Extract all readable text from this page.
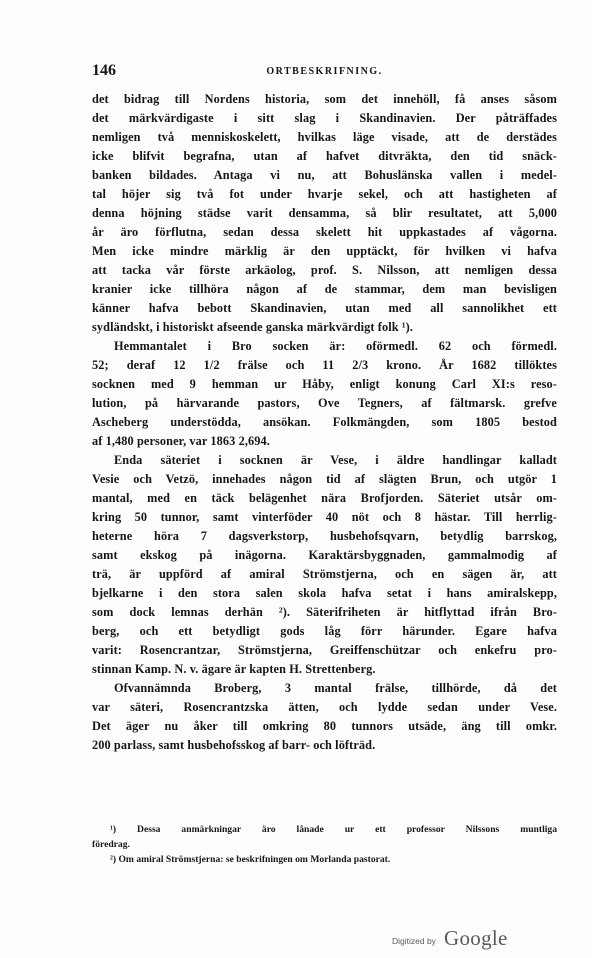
146	ORTBESKRIFNING.
det bidrag till Nordens historia, som det innehöll, få anses såsom
det märkvärdigaste i sitt slag i Skandinavien. Der påträffades
nemligen två menniskoskelett, hvilkas läge visade, att de derstädes
icke blifvit begrafna, utan af hafvet ditvräkta, den tid snäck-
banken bildades. Antaga vi nu, att Bohuslänska vallen i medel-
tal höjer sig två fot under hvarje sekel, och att hastigheten af
denna höjning städse varit densamma, så blir resultatet, att 5,000
år äro förflutna, sedan dessa skelett hit uppkastades af vågorna.
Men icke mindre märklig är den upptäckt, för hvilken vi hafva
att tacka vår förste arkäolog, prof. S. Nilsson, att nemligen dessa
kranier icke tillhöra någon af de stammar, dem man bevisligen
känner hafva bebott Skandinavien, utan med all sannolikhet ett
sydländskt, i historiskt afseende ganska märkvärdigt folk ¹).
Hemmantalet i Bro socken är: oförmedl. 62 och förmedl.
52; deraf 12 1/2 frälse och 11 2/3 krono. År 1682 tillöktes
socknen med 9 hemman ur Håby, enligt konung Carl XI:s reso-
lution, på härvarande pastors, Ove Tegners, af fältmarsk. grefve
Ascheberg understödda, ansökan. Folkmängden, som 1805 bestod
af 1,480 personer, var 1863 2,694.
Enda säteriet i socknen är Vese, i äldre handlingar kalladt
Vesie och Vetzö, innehades någon tid af slägten Brun, och utgör 1
mantal, med en täck belägenhet nära Brofjorden. Säteriet utsår om-
kring 50 tunnor, samt vinterföder 40 nöt och 8 hästar. Till herrlig-
heterne höra 7 dagsverkstorp, husbehofsqvarn, betydlig barrskog,
samt ekskog på inägorna. Karaktärsbyggnaden, gammalmodig af
trä, är uppförd af amiral Strömstjerna, och en sägen är, att
bjelkarne i den stora salen skola hafva setat i hans amiralskepp,
som dock lemnas derhän ²). Säterifriheten är hitflyttad ifrån Bro-
berg, och ett betydligt gods låg förr härunder. Egare hafva
varit: Rosencrantzar, Strömstjerna, Greiffenschützar och enkefru pro-
stinnan Kamp. N. v. ägare är kapten H. Strettenberg.
Ofvannämnda Broberg, 3 mantal frälse, tillhörde, då det
var säteri, Rosencrantzska ätten, och lydde sedan under Vese.
Det äger nu åker till omkring 80 tunnors utsäde, äng till omkr.
200 parlass, samt husbehofsskog af barr- och löfträd.
¹) Dessa anmärkningar äro lånade ur ett professor Nilssons muntliga
föredrag.
²) Om amiral Strömstjerna: se beskrifningen om Morlanda pastorat.
Digitized by Google
